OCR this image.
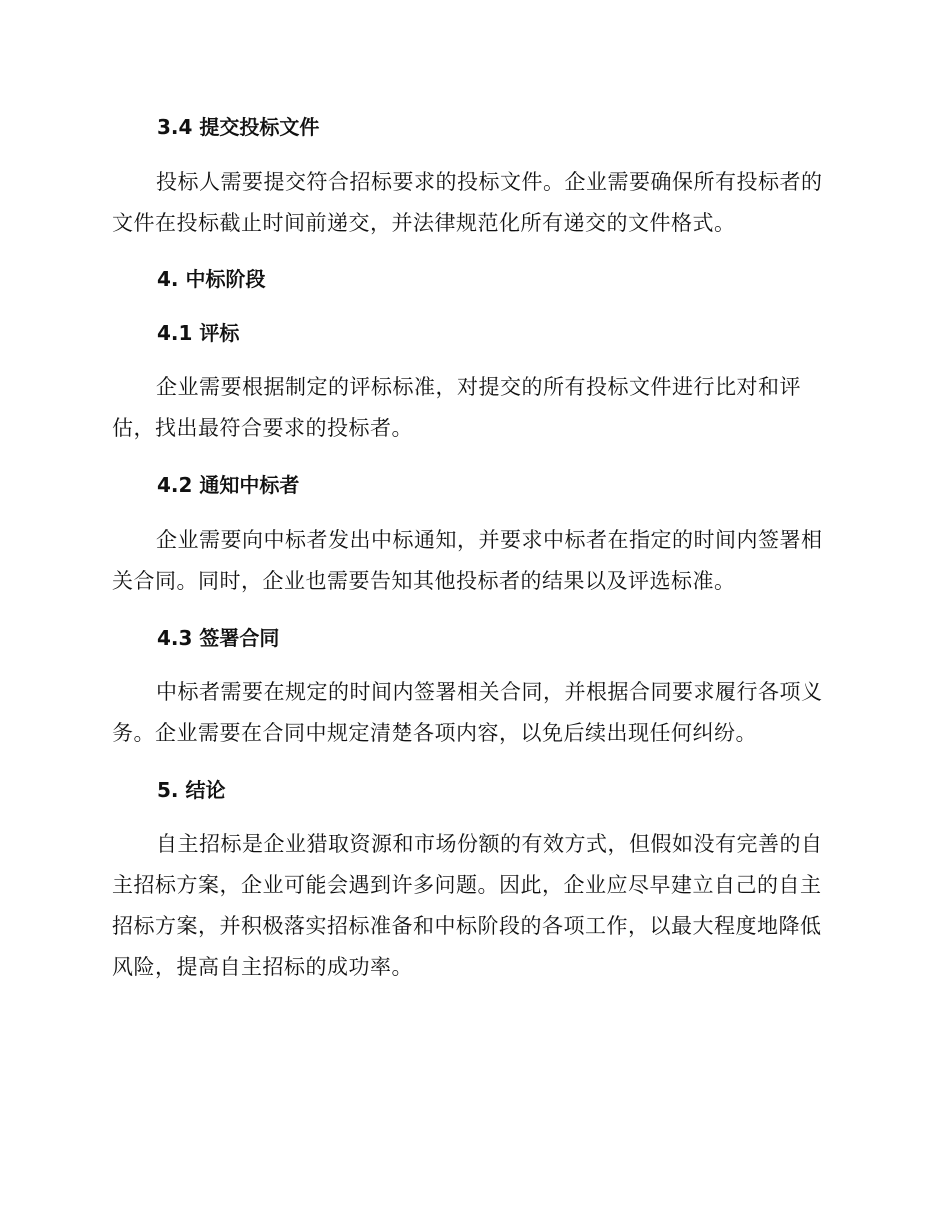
3.4 提交投标文件

投标人需要提交符合招标要求的投标文件。企业需要确保所有投标者的文件在投标截止时间前递交，并法律规范化所有递交的文件格式。

4. 中标阶段
4.1 评标

企业需要根据制定的评标标准，对提交的所有投标文件进行比对和评估，找出最符合要求的投标者。

4.2 通知中标者

企业需要向中标者发出中标通知，并要求中标者在指定的时间内签署相关合同。同时，企业也需要告知其他投标者的结果以及评选标准。

4.3 签署合同

中标者需要在规定的时间内签署相关合同，并根据合同要求履行各项义务。企业需要在合同中规定清楚各项内容，以免后续出现任何纠纷。

5. 结论

自主招标是企业猎取资源和市场份额的有效方式，但假如没有完善的自主招标方案，企业可能会遇到许多问题。因此，企业应尽早建立自己的自主招标方案，并积极落实招标准备和中标阶段的各项工作，以最大程度地降低风险，提高自主招标的成功率。
